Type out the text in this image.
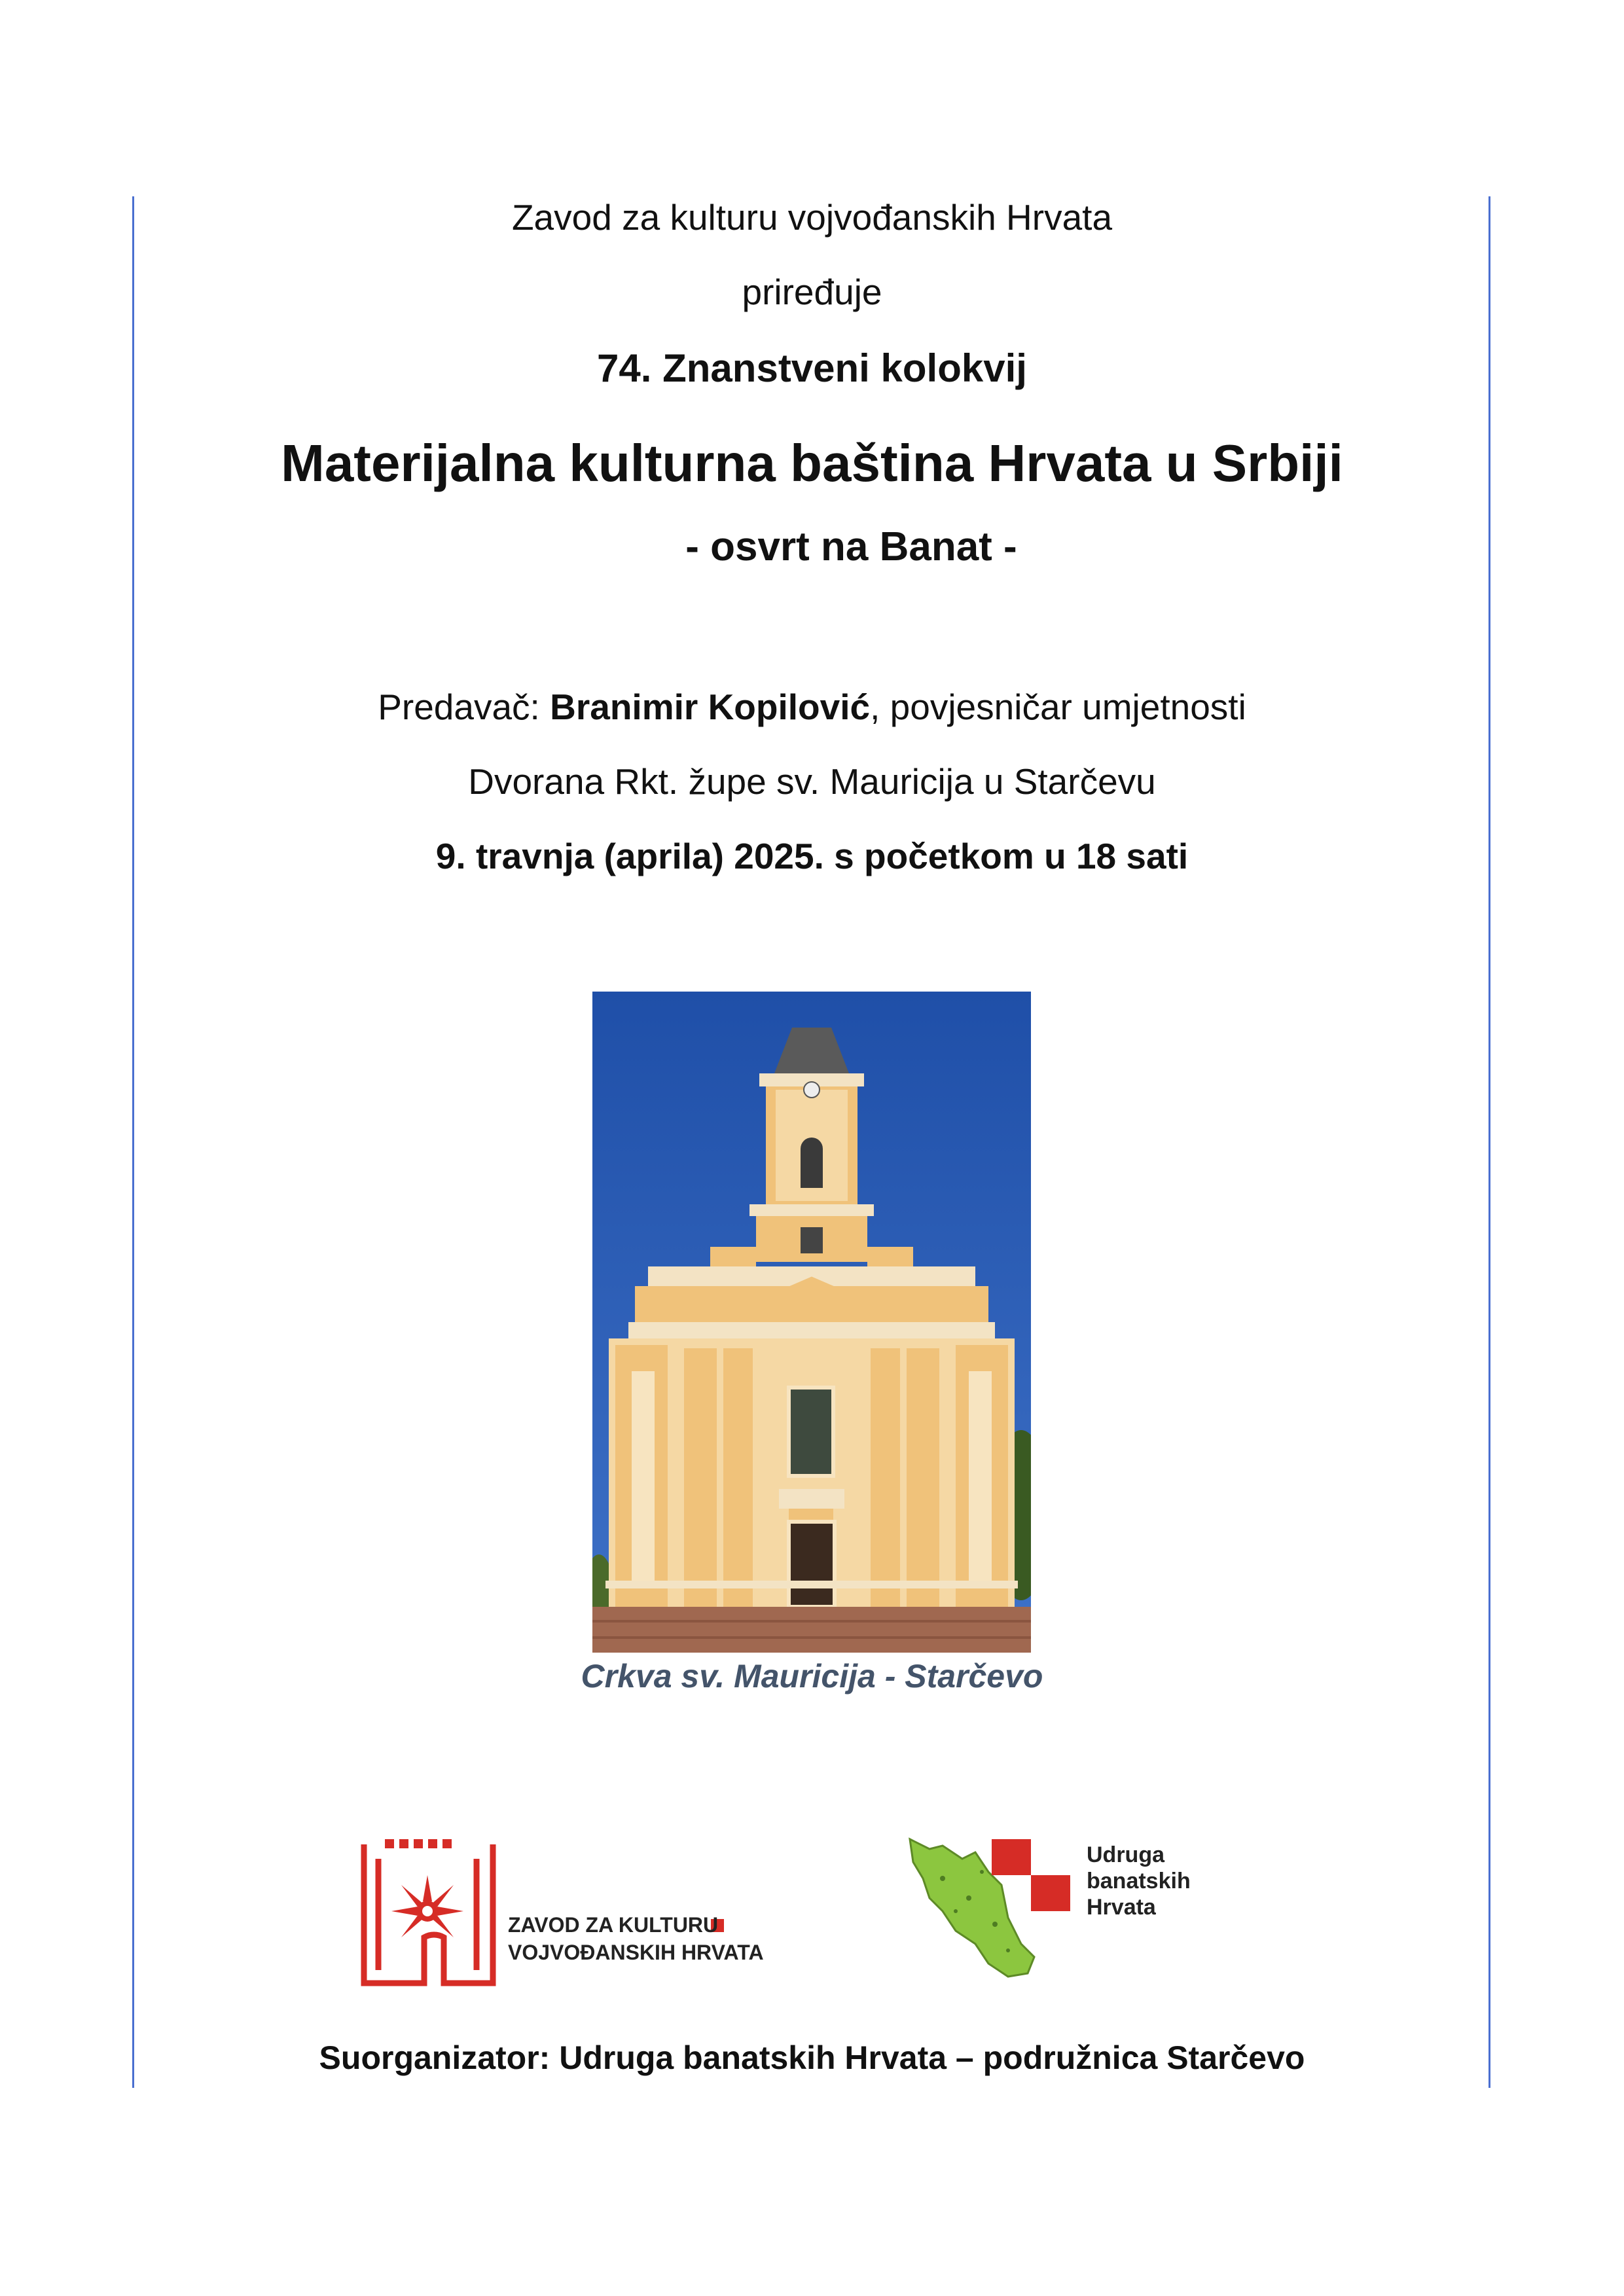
Zavod za kulturu vojvođanskih Hrvata
priređuje
74. Znanstveni kolokvij
Materijalna kulturna baština Hrvata u Srbiji
- osvrt na Banat -
Predavač: Branimir Kopilović, povjesničar umjetnosti
Dvorana Rkt. župe sv. Mauricija u Starčevu
9. travnja (aprila) 2025. s početkom u 18 sati
Crkva sv. Mauricija - Starčevo
ZAVOD ZA KULTURU
VOJVOĐANSKIH HRVATA
Udruga
banatskih
Hrvata
Suorganizator: Udruga banatskih Hrvata – podružnica Starčevo
